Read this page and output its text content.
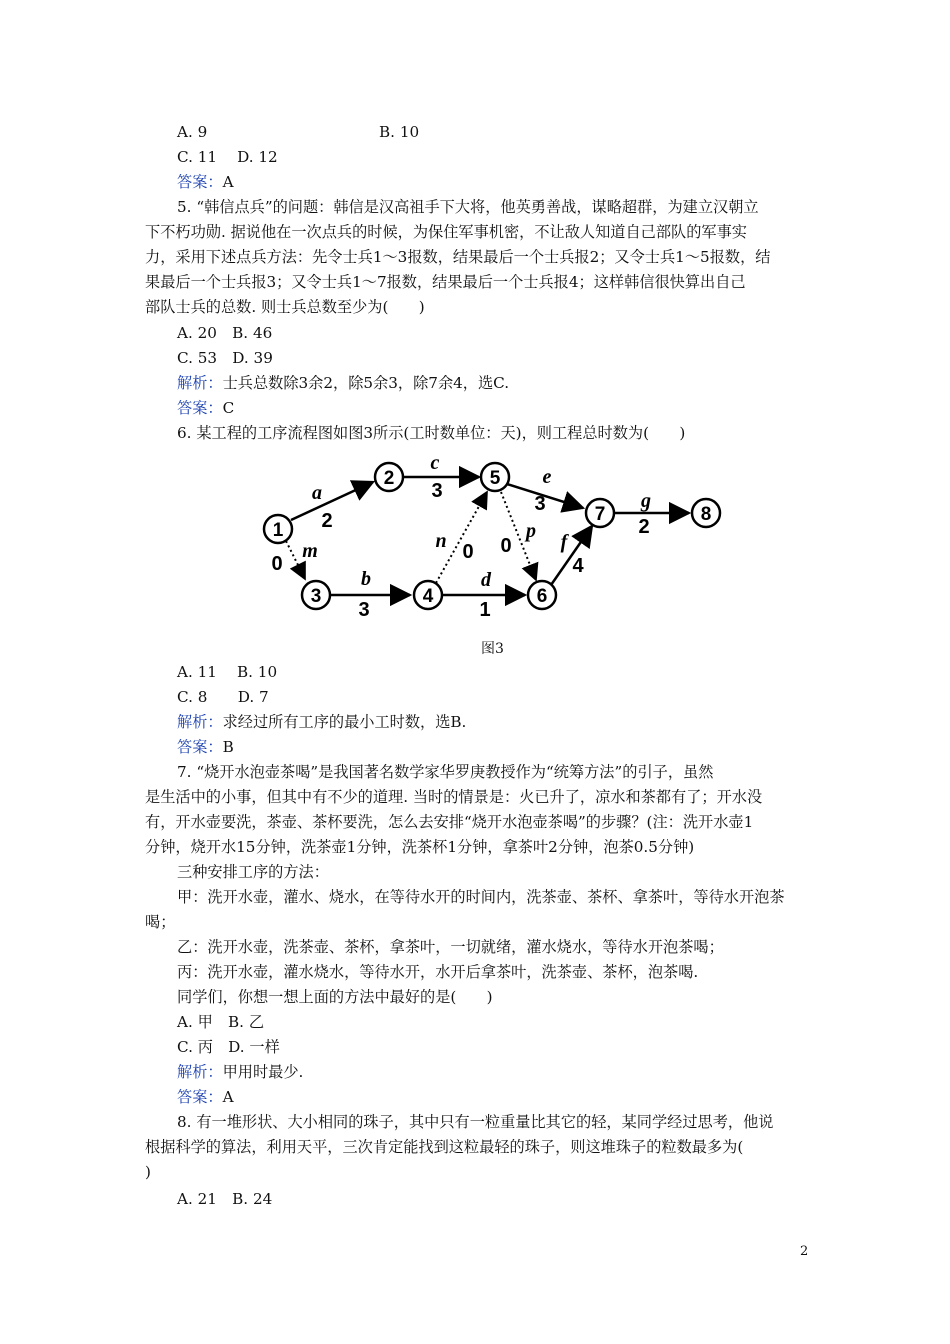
A. 9	B. 10
C. 11　 D. 12
答案：A
5. “韩信点兵”的问题：韩信是汉高祖手下大将，他英勇善战，谋略超群，为建立汉朝立
下不朽功勋. 据说他在一次点兵的时候，为保住军事机密，不让敌人知道自己部队的军事实
力，采用下述点兵方法：先令士兵1～3报数，结果最后一个士兵报2；又令士兵1～5报数，结
果最后一个士兵报3；又令士兵1～7报数，结果最后一个士兵报4；这样韩信很快算出自己
部队士兵的总数. 则士兵总数至少为(　　)
A. 20　B. 46
C. 53　D. 39
解析：士兵总数除3余2，除5余3，除7余4，选C.
答案：C
6. 某工程的工序流程图如图3所示(工时数单位：天)，则工程总时数为(　　)
1
2
3	4
5
6
7	8
a
c
e
g
m
b	d
n	p f
2
3
3
2
0
3	1
0 0
4
图3
A. 11　 B. 10
C. 8　　D. 7
解析：求经过所有工序的最小工时数，选B.
答案：B
7. “烧开水泡壶茶喝”是我国著名数学家华罗庚教授作为“统筹方法”的引子，虽然
是生活中的小事，但其中有不少的道理. 当时的情景是：火已升了，凉水和茶都有了；开水没
有，开水壶要洗，茶壶、茶杯要洗，怎么去安排“烧开水泡壶茶喝”的步骤？(注：洗开水壶1
分钟，烧开水15分钟，洗茶壶1分钟，洗茶杯1分钟，拿茶叶2分钟，泡茶0.5分钟)
三种安排工序的方法：
甲：洗开水壶，灌水、烧水，在等待水开的时间内，洗茶壶、茶杯、拿茶叶，等待水开泡茶
喝；
乙：洗开水壶，洗茶壶、茶杯，拿茶叶，一切就绪，灌水烧水，等待水开泡茶喝；
丙：洗开水壶，灌水烧水，等待水开，水开后拿茶叶，洗茶壶、茶杯，泡茶喝.
同学们，你想一想上面的方法中最好的是(　　)
A. 甲　B. 乙
C. 丙　D. 一样
解析：甲用时最少.
答案：A
8. 有一堆形状、大小相同的珠子，其中只有一粒重量比其它的轻，某同学经过思考，他说
根据科学的算法，利用天平，三次肯定能找到这粒最轻的珠子，则这堆珠子的粒数最多为(
)
A. 21　B. 24
2
